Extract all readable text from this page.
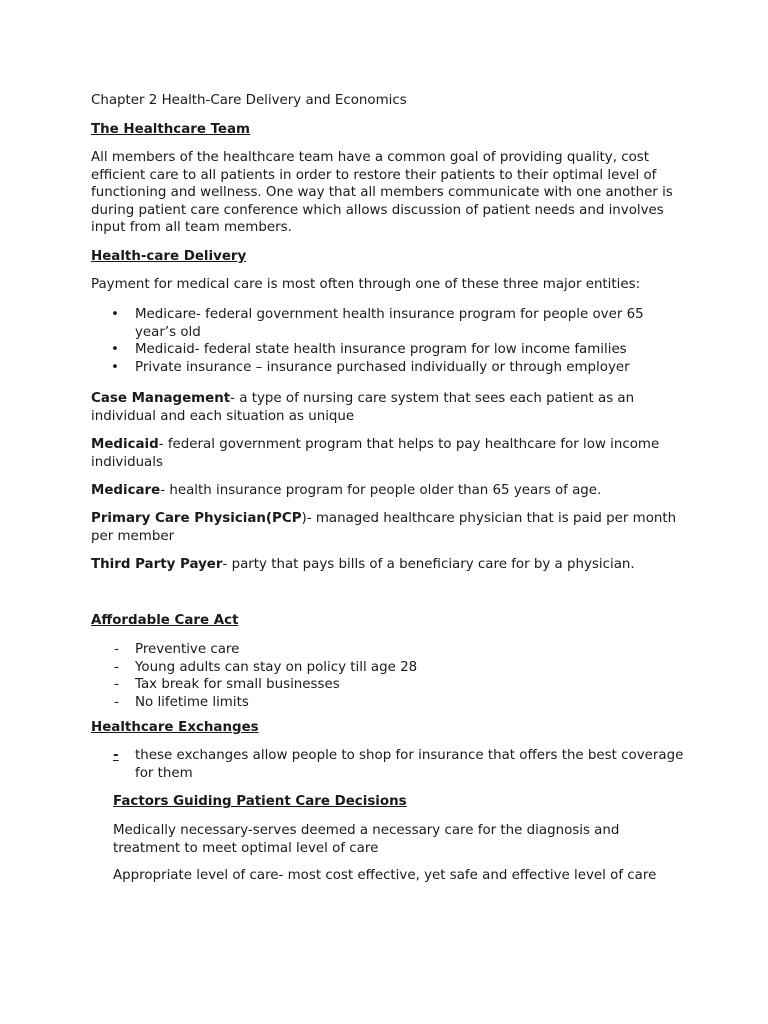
Chapter 2 Health-Care Delivery and Economics

The Healthcare Team

All members of the healthcare team have a common goal of providing quality, cost efficient care to all patients in order to restore their patients to their optimal level of functioning and wellness. One way that all members communicate with one another is during patient care conference which allows discussion of patient needs and involves input from all team members.

Health-care Delivery

Payment for medical care is most often through one of these three major entities:

• Medicare- federal government health insurance program for people over 65 year’s old
• Medicaid- federal state health insurance program for low income families
• Private insurance – insurance purchased individually or through employer

Case Management- a type of nursing care system that sees each patient as an individual and each situation as unique

Medicaid- federal government program that helps to pay healthcare for low income individuals

Medicare- health insurance program for people older than 65 years of age.

Primary Care Physician(PCP)- managed healthcare physician that is paid per month per member

Third Party Payer- party that pays bills of a beneficiary care for by a physician.

Affordable Care Act

- Preventive care
- Young adults can stay on policy till age 28
- Tax break for small businesses
- No lifetime limits

Healthcare Exchanges

- these exchanges allow people to shop for insurance that offers the best coverage for them

Factors Guiding Patient Care Decisions

Medically necessary-serves deemed a necessary care for the diagnosis and treatment to meet optimal level of care

Appropriate level of care- most cost effective, yet safe and effective level of care
